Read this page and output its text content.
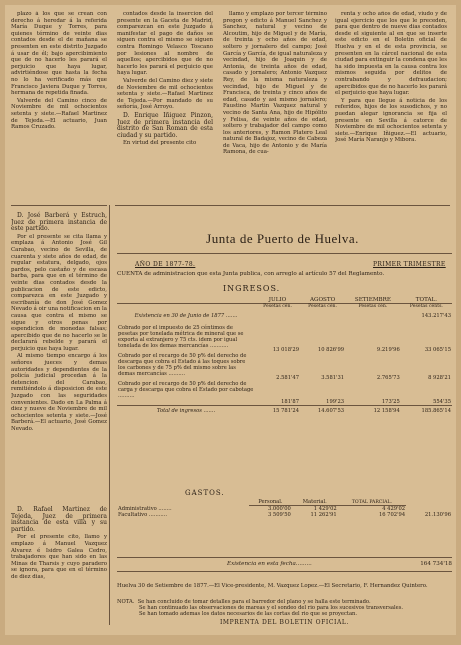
plazo á los que se crean con derecho á heredar á la referida María Duque y Torres, para quienes término de veinte dias contados desde el de mañana se presenten en este distrito Juzgado á usar de él; bajo apercibimiento que de no hacerlo les parará el perjuicio que haya lugar, advirtiéndose que hasta la fecha no lo ha verificado más que Francisco Javiera Duque y Torres, hermana de repetida finada.

Valverde del Camino cinco de Noviembre de mil ochocientos setenta y siete.—Rafael Martinez de Tejeda.—El actuario, Juan Ramos Cruzado.

contados desde la insercion del presente en la Gaceta de Madrid, comparezcan en este Juzgado á manifestar el pago de daños se siguen contra el mismo se siguen contra Romingo Velasco Toscano por lesiones al nombre de aquellos; apercibidos que de no hacerlo les parará el perjuicio que haya lugar.

Valverde del Camino diez y siete de Noviembre de mil ochocientos setenta y siete.—Rafael Martinez de Tejeda.—Por mandado de su señoría, José Arroyo.

D. Enrique Iñiguez Pinzon, Juez de primera instancia del distrito de San Roman de esta ciudad y su partido.

En virtud del presente cito

llamo y emplazo por tercer término pregon y edicto á Manuel Sanchez y Sanchez, natural y vecino de Alcoutim, hijo de Miguel y de María, de treinta y ocho años de edad, soltero y jornalero del campo; José García y García, de igual naturaleza y vecindad, hijo de Joaquin y de Antonia, de treinta años de edad, casado y jornalero; Antonio Vazquez Rey, de la misma naturaleza y vecindad, hijo de Miguel y de Francisca, de treinta y cinco años de edad, casado y asi mismo jornalero; Faustino Martin Vazquez natural y vecino de Santa Ana, hijo de Hipólito y Felisa, de veinte años de edad, soltero y trabajador del campo como los anteriores, y Ramon Platero Leal natural de Badajoz, vecino de Cabeza de Vaca, hijo de Antonio y de María Ramona, de cua-

renta y ocho años de edad, viudo y de igual ejercicio que los que le preceden, para que dentro de nueve dias contados desde el siguiente al en que se inserte este edicto en el Boletin oficial de Huelva y en el de esta provincia, se presenten en la cárcel nacional de esta ciudad para extinguir la condena que les ha sido impuesta en la causa contra los mismos seguida por delitos de contrabando y defraudacion; apercibidos que de no hacerlo les parará el perjuicio que haya lugar.

Y para que llegue á noticia de los referidos, hijos de los susodichos, y no puedan alegar ignorancia se fija el presente en Sevilla á catorce de Noviembre de mil ochocientos setenta y siete.—Enrique Iñiguez.—El actuario, José María Naranjo y Mibora.

D. José Barberá y Estruch, Juez de primera instancia de este partido.

Por el presente se cita llama y emplaza á Antonio José Gil Carabao, vecino de Sevilla, de cuarenta y siete años de edad, de regular estatura, delgado, ojos pardos, pelo castaño y de escasa barba, para que en el término de veinte dias contados desde la publicacion de este edicto, comparezca en este Juzgado y escribanía de don José Gomez Nevado á oir una notificacion en la causa que contra el mismo se sigue y otros penas por espendicion de monedas falsas; apercibido que de no hacerlo se le declarará rebelde y parará el perjuicio que haya lugar.

Al mismo tiempo encargo á los señores jueces y demas autoridades y dependientes de la policía judicial procedan á la detencion del Carabao, remitiéndolo á disposicion de este Juzgado con las seguridades convenientes. Dado en La Palma á diez y nueve de Noviembre de mil ochocientos setenta y siete.—José Barberá.—El actuario, José Gomez Nevado.

D. Rafael Martinez de Tejeda, Juez de primera instancia de esta villa y su partido.

Por el presente cito, llamo y emplazo á Manuel Vazquez Alvarez é Isidro Galea Cedro, trabajadores que han sido en las Minas de Tharsis y cuyo paradero se ignora, para que en el término de diez dias,

Junta de Puerto de Huelva.
AÑO DE 1877-78.	PRIMER TRIMESTRE
CUENTA de administracion que esta Junta publica, con arreglo al artículo 57 del Reglamento.
INGRESOS.
	JULIO	AGOSTO	SETIEMBRE	TOTAL.
	Pesetas cén.	Pesetas cén.	Pesetas cén.	Pesetas cénts.
Existencia en 30 de Junio de 1877 .......				143.217'43
Cobrado por el impuesto de 25 céntimos de pesetas por tonelada métrica de mineral que se exporta al extranjero y 75 cts. idem por igual tonelada de los demas mercancías ...........	13 018'29	10 826'99	9.219'96	33 065'15
Cobrado por el recargo de 50 p% del derecho de descarga que cobra el Estado á las toques sobre los carbones y de 75 p% del mismo sobre las demas mercancías ..........	2.581'47	3.581'31	2.765'73	8 928'21
Cobrado por el recargo de 50 p% del derecho de carga y descarga que cobra el Estado por cabotage ..........	181'87	199'23	173'25	554'35
Total de ingresos .......	15 781'24	14.607'53	12 158'94	185.865'14
GASTOS.
	Personal.	Material.	TOTAL PARCIAL.	
Administrativo ........	3.000'00	1 429'02	4 429'02	
Facultativo ...........	3 509'50	11 262'91	16 702'94	21.130'96
Existencia en esta fecha.........	164 734'18
Huelva 30 de Setiembre de 1877.—El Vice-presidente, M. Vazquez Lopez.—El Secretario, F. Hernandez Quintero.
NOTA. Se han concluido de tomar detalles para el barredor del plano y se halla este terminado.
Se han continuado las observaciones de mareas y el sondeo del rio para los sucesivos transversales.
Se han tomado ademas los datos necesarios de las cortas del rio que se proyectan.
IMPRENTA DEL BOLETIN OFICIAL.
